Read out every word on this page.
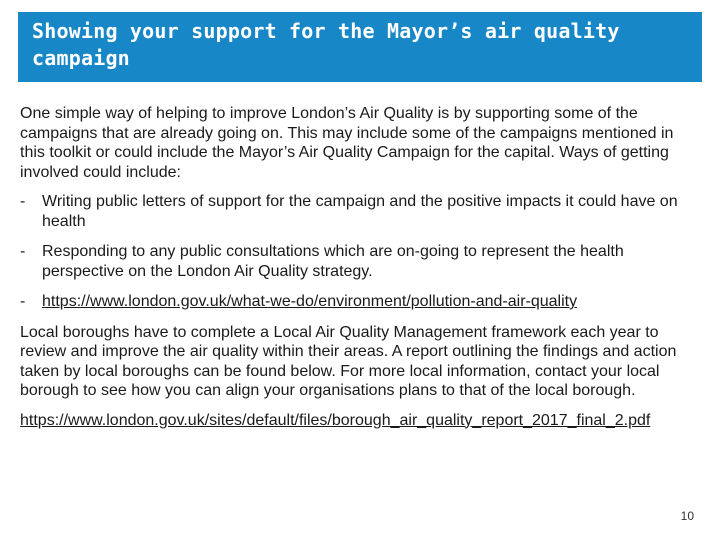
Showing your support for the Mayor’s air quality campaign

One simple way of helping to improve London’s Air Quality is by supporting some of the campaigns that are already going on. This may include some of the campaigns mentioned in this toolkit or could include the Mayor’s Air Quality Campaign for the capital. Ways of getting involved could include:

-	Writing public letters of support for the campaign and the positive impacts it could have on health
-	Responding to any public consultations which are on-going to represent the health perspective on the London Air Quality strategy.
-	https://www.london.gov.uk/what-we-do/environment/pollution-and-air-quality

Local boroughs have to complete a Local Air Quality Management framework each year to review and improve the air quality within their areas. A report outlining the findings and action taken by local boroughs can be found below. For more local information, contact your local borough to see how you can align your organisations plans to that of the local borough.

https://www.london.gov.uk/sites/default/files/borough_air_quality_report_2017_final_2.pdf
10
